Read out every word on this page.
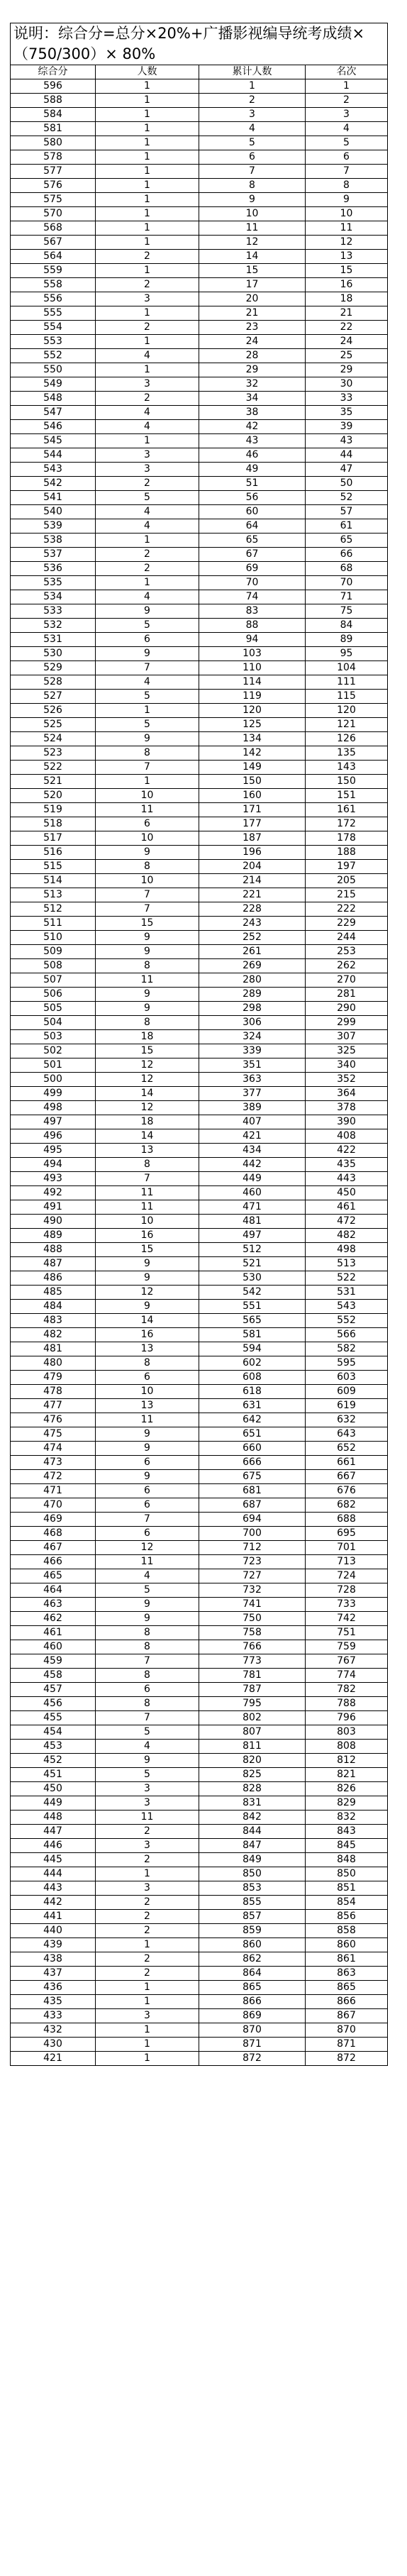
说明：综合分=总分×20%+广播影视编导统考成绩×（750/300）× 80%			
综合分	人数	累计人数	名次
596	1	1	1
588	1	2	2
584	1	3	3
581	1	4	4
580	1	5	5
578	1	6	6
577	1	7	7
576	1	8	8
575	1	9	9
570	1	10	10
568	1	11	11
567	1	12	12
564	2	14	13
559	1	15	15
558	2	17	16
556	3	20	18
555	1	21	21
554	2	23	22
553	1	24	24
552	4	28	25
550	1	29	29
549	3	32	30
548	2	34	33
547	4	38	35
546	4	42	39
545	1	43	43
544	3	46	44
543	3	49	47
542	2	51	50
541	5	56	52
540	4	60	57
539	4	64	61
538	1	65	65
537	2	67	66
536	2	69	68
535	1	70	70
534	4	74	71
533	9	83	75
532	5	88	84
531	6	94	89
530	9	103	95
529	7	110	104
528	4	114	111
527	5	119	115
526	1	120	120
525	5	125	121
524	9	134	126
523	8	142	135
522	7	149	143
521	1	150	150
520	10	160	151
519	11	171	161
518	6	177	172
517	10	187	178
516	9	196	188
515	8	204	197
514	10	214	205
513	7	221	215
512	7	228	222
511	15	243	229
510	9	252	244
509	9	261	253
508	8	269	262
507	11	280	270
506	9	289	281
505	9	298	290
504	8	306	299
503	18	324	307
502	15	339	325
501	12	351	340
500	12	363	352
499	14	377	364
498	12	389	378
497	18	407	390
496	14	421	408
495	13	434	422
494	8	442	435
493	7	449	443
492	11	460	450
491	11	471	461
490	10	481	472
489	16	497	482
488	15	512	498
487	9	521	513
486	9	530	522
485	12	542	531
484	9	551	543
483	14	565	552
482	16	581	566
481	13	594	582
480	8	602	595
479	6	608	603
478	10	618	609
477	13	631	619
476	11	642	632
475	9	651	643
474	9	660	652
473	6	666	661
472	9	675	667
471	6	681	676
470	6	687	682
469	7	694	688
468	6	700	695
467	12	712	701
466	11	723	713
465	4	727	724
464	5	732	728
463	9	741	733
462	9	750	742
461	8	758	751
460	8	766	759
459	7	773	767
458	8	781	774
457	6	787	782
456	8	795	788
455	7	802	796
454	5	807	803
453	4	811	808
452	9	820	812
451	5	825	821
450	3	828	826
449	3	831	829
448	11	842	832
447	2	844	843
446	3	847	845
445	2	849	848
444	1	850	850
443	3	853	851
442	2	855	854
441	2	857	856
440	2	859	858
439	1	860	860
438	2	862	861
437	2	864	863
436	1	865	865
435	1	866	866
433	3	869	867
432	1	870	870
430	1	871	871
421	1	872	872
